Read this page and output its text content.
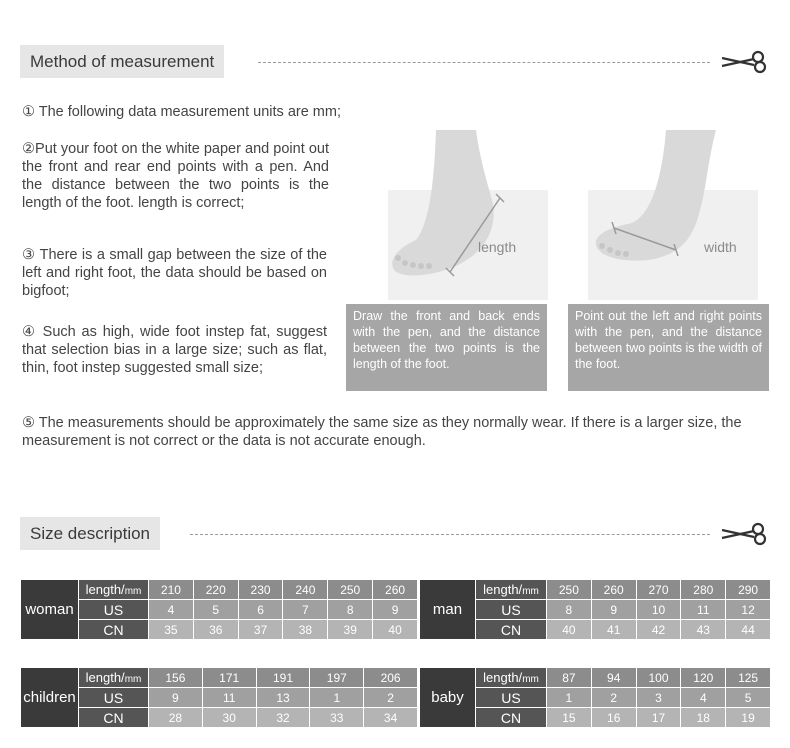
Method of measurement
① The following data measurement units are mm;
②Put your foot on the white paper and point out the front and rear end points with a pen. And the distance between the two points is the length of the foot. length is correct;
③ There is a small gap between the size of the left and right foot, the data should be based on bigfoot;
④ Such as high, wide foot instep fat, suggest that selection bias in a large size; such as flat, thin, foot instep suggested small size;
⑤ The measurements should be approximately the same size as they normally wear. If there is a larger size, the measurement is not correct or the data is not accurate enough.
length	width
Draw the front and back ends with the pen, and the distance between the two points is the length of the foot.
Point out the left and right points with the pen, and the distance between two points is the width of the foot.
Size description
woman	length/mm	210	220	230	240	250	260
	US	4	5	6	7	8	9
	CN	35	36	37	38	39	40
man	length/mm	250	260	270	280	290
	US	8	9	10	11	12
	CN	40	41	42	43	44
children	length/mm	156	171	191	197	206
	US	9	11	13	1	2
	CN	28	30	32	33	34
baby	length/mm	87	94	100	120	125
	US	1	2	3	4	5
	CN	15	16	17	18	19
